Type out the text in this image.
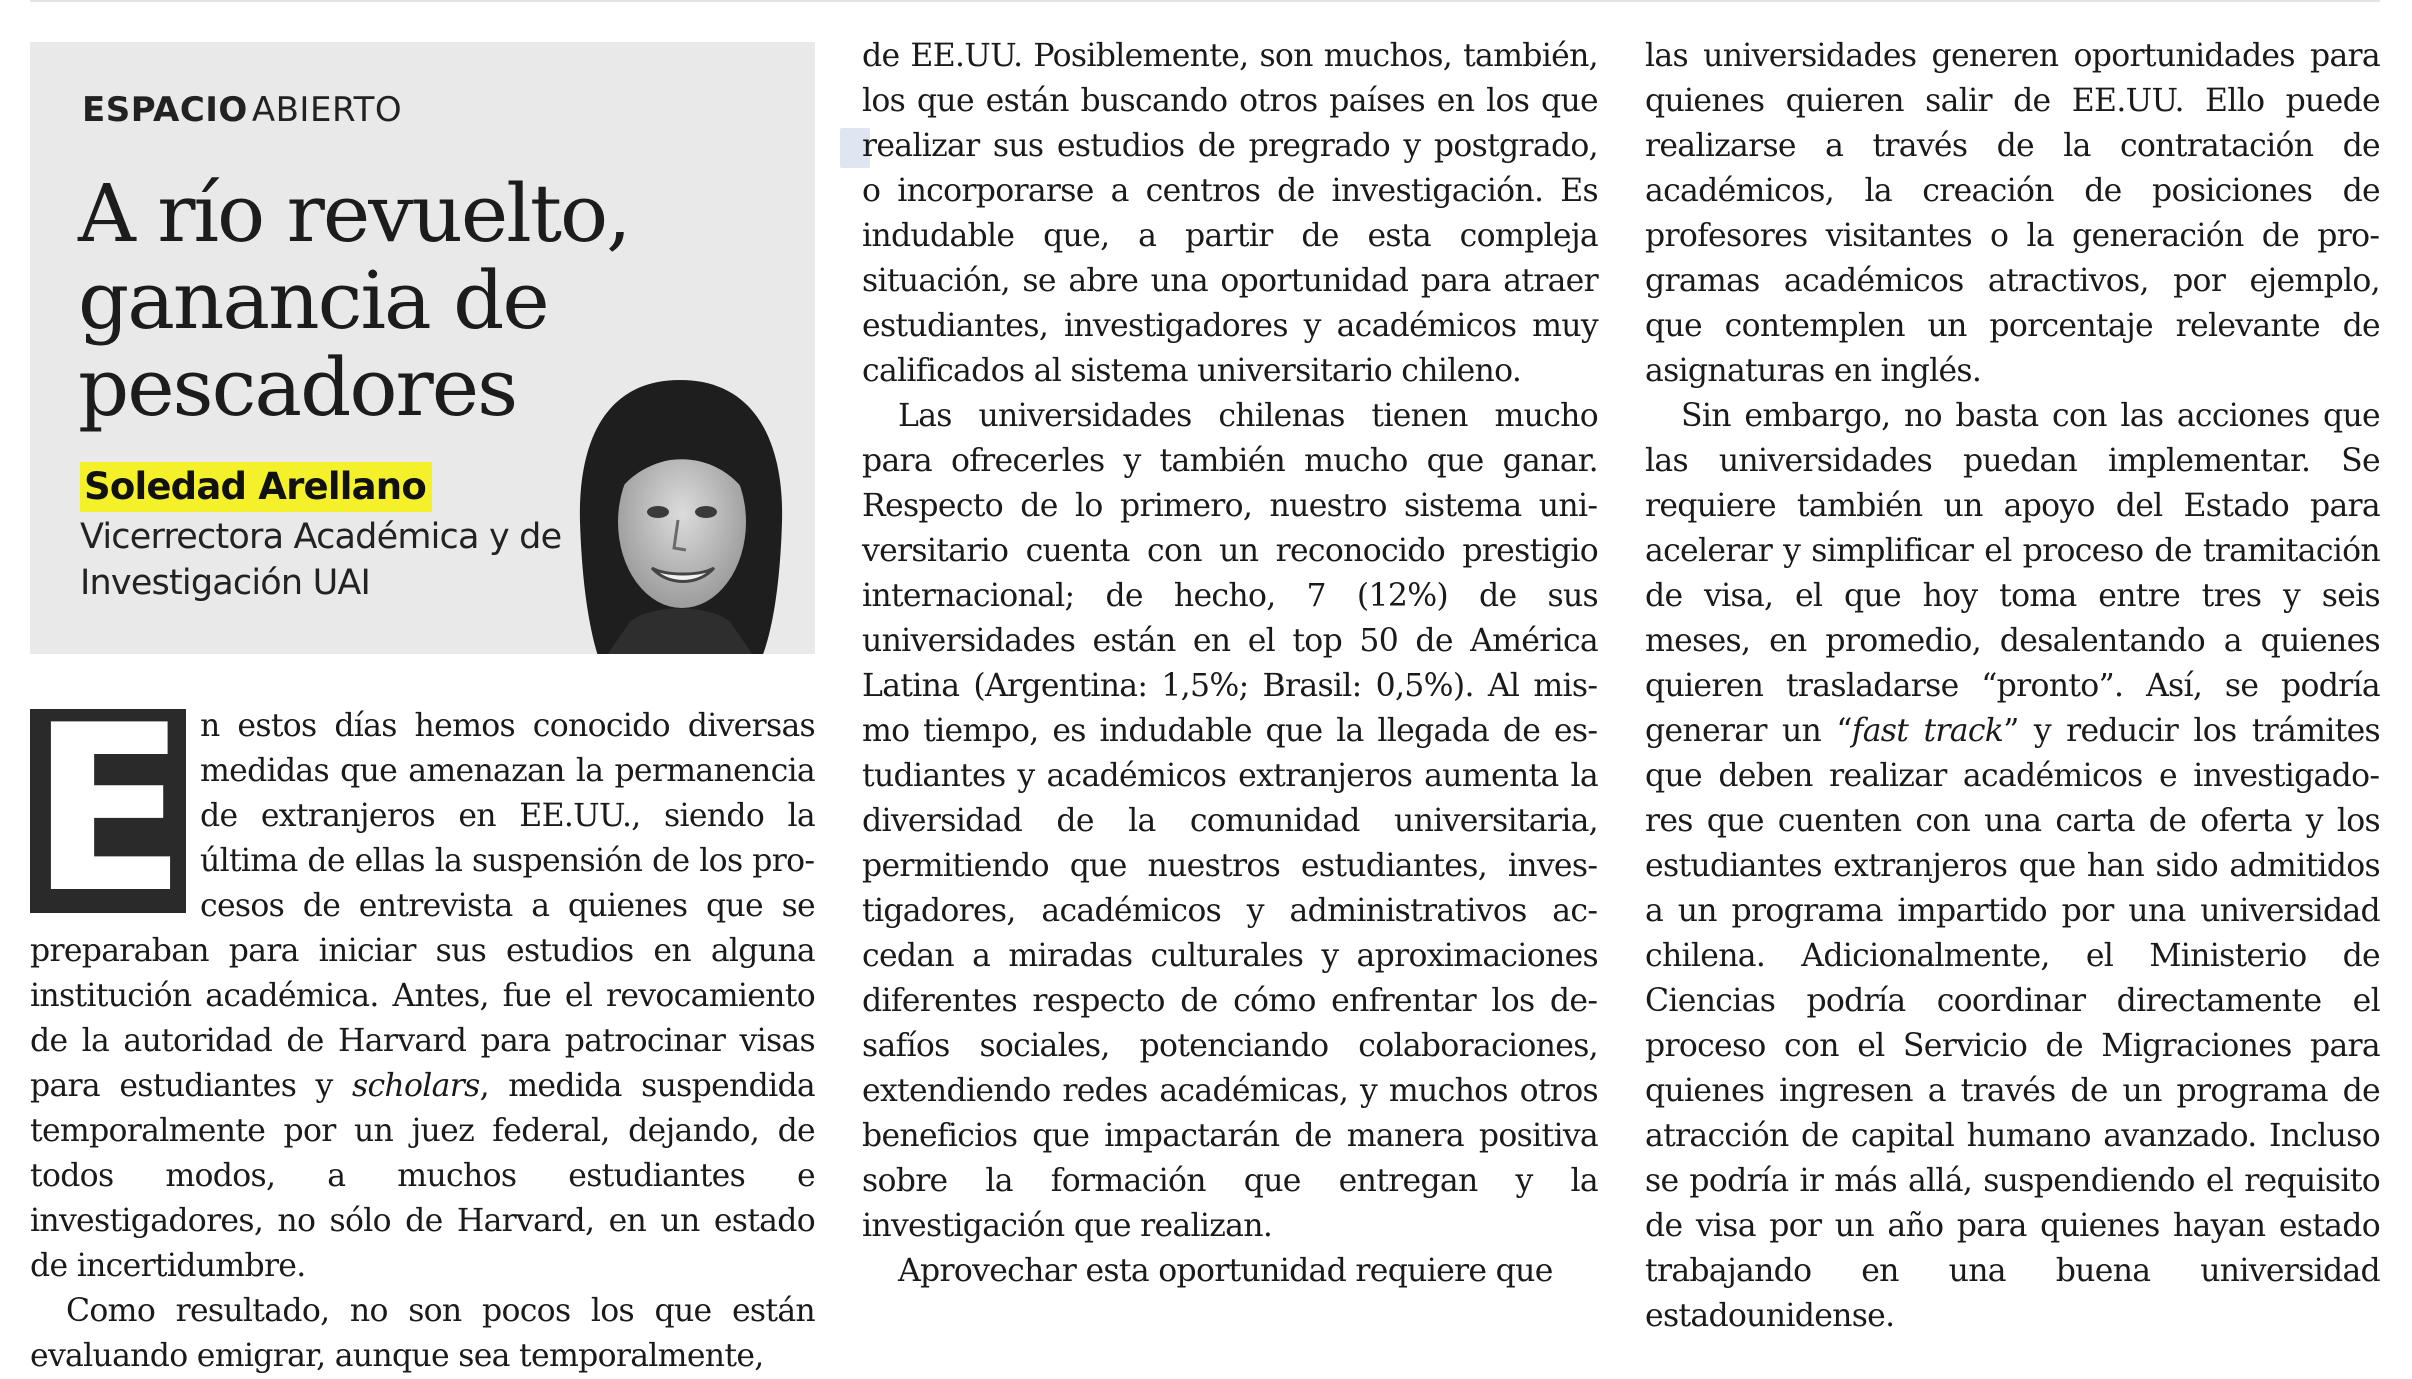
ESPACIO ABIERTO

A río revuelto, ganancia de pescadores
Soledad Arellano
Vicerrectora Académica y de Investigación UAI

E n estos días hemos conocido diversas medidas que amenazan la permanencia de extranjeros en EE.UU., siendo la última de ellas la suspensión de los procesos de entrevista a quienes que se preparaban para iniciar sus estudios en alguna institución académica. Antes, fue el revocamiento de la autoridad de Harvard para patrocinar visas para estudiantes y scholars, medida suspendida temporalmente por un juez federal, dejando, de todos modos, a muchos estudiantes e investigadores, no sólo de Harvard, en un estado de incertidumbre.

Como resultado, no son pocos los que están evaluando emigrar, aunque sea temporalmente,

de EE.UU. Posiblemente, son muchos, también, los que están buscando otros países en los que realizar sus estudios de pregrado y postgrado, o incorporarse a centros de investigación. Es indudable que, a partir de esta compleja situación, se abre una oportunidad para atraer estudiantes, investigadores y académicos muy calificados al sistema universitario chileno.

Las universidades chilenas tienen mucho para ofrecerles y también mucho que ganar. Respecto de lo primero, nuestro sistema universitario cuenta con un reconocido prestigio internacional; de hecho, 7 (12%) de sus universidades están en el top 50 de América Latina (Argentina: 1,5%; Brasil: 0,5%). Al mismo tiempo, es indudable que la llegada de estudiantes y académicos extranjeros aumenta la diversidad de la comunidad universitaria, permitiendo que nuestros estudiantes, investigadores, académicos y administrativos accedan a miradas culturales y aproximaciones diferentes respecto de cómo enfrentar los desafíos sociales, potenciando colaboraciones, extendiendo redes académicas, y muchos otros beneficios que impactarán de manera positiva sobre la formación que entregan y la investigación que realizan.

Aprovechar esta oportunidad requiere que

las universidades generen oportunidades para quienes quieren salir de EE.UU. Ello puede realizarse a través de la contratación de académicos, la creación de posiciones de profesores visitantes o la generación de programas académicos atractivos, por ejemplo, que contemplen un porcentaje relevante de asignaturas en inglés.

Sin embargo, no basta con las acciones que las universidades puedan implementar. Se requiere también un apoyo del Estado para acelerar y simplificar el proceso de tramitación de visa, el que hoy toma entre tres y seis meses, en promedio, desalentando a quienes quieren trasladarse “pronto”. Así, se podría generar un “fast track” y reducir los trámites que deben realizar académicos e investigadores que cuenten con una carta de oferta y los estudiantes extranjeros que han sido admitidos a un programa impartido por una universidad chilena. Adicionalmente, el Ministerio de Ciencias podría coordinar directamente el proceso con el Servicio de Migraciones para quienes ingresen a través de un programa de atracción de capital humano avanzado. Incluso se podría ir más allá, suspendiendo el requisito de visa por un año para quienes hayan estado trabajando en una buena universidad estadounidense.
